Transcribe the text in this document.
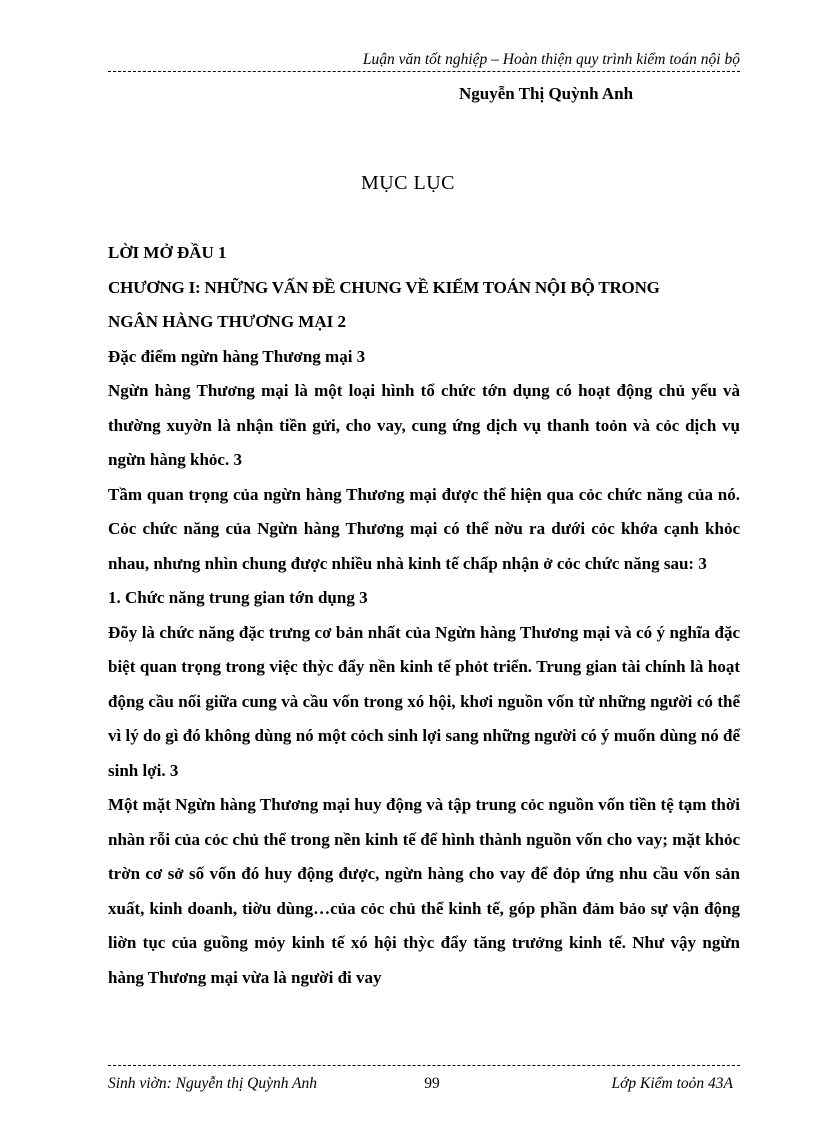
Luận văn tốt nghiệp – Hoàn thiện quy trình kiểm toán nội bộ
Nguyễn Thị Quỳnh Anh
MỤC LỤC

LỜI MỞ ĐẦU 1

CHƯƠNG I: NHỮNG VẤN ĐỀ CHUNG VỀ KIỂM TOÁN NỘI BỘ TRONG

NGÂN HÀNG THƯƠNG MẠI 2

Đặc điểm ngừn hàng Thương mại 3

Ngừn hàng Thương mại là một loại hình tổ chức tớn dụng có hoạt động chủ yếu và thường xuyờn là nhận tiền gửi, cho vay, cung ứng dịch vụ thanh toỏn và cỏc dịch vụ ngừn hàng khỏc. 3

Tầm quan trọng của ngừn hàng Thương mại được thể hiện qua cỏc chức năng của nó. Cỏc chức năng của Ngừn hàng Thương mại có thể nờu ra dưới cỏc khớa cạnh khỏc nhau, nhưng nhìn chung được nhiều nhà kinh tế chấp nhận ở cỏc chức năng sau: 3

1. Chức năng trung gian tớn dụng 3

Đõy là chức năng đặc trưng cơ bản nhất của Ngừn hàng Thương mại và có ý nghĩa đặc biệt quan trọng trong việc thỳc đẩy nền kinh tế phỏt triển. Trung gian tài chính là hoạt động cầu nối giữa cung và cầu vốn trong xó hội, khơi nguồn vốn từ những người có thể vì lý do gì đó không dùng nó một cỏch sinh lợi sang những người có ý muốn dùng nó để sinh lợi. 3

Một mặt Ngừn hàng Thương mại huy động và tập trung cỏc nguồn vốn tiền tệ tạm thời nhàn rỗi của cỏc chủ thể trong nền kinh tế để hình thành nguồn vốn cho vay; mặt khỏc trờn cơ sở số vốn đó huy động được, ngừn hàng cho vay để đỏp ứng nhu cầu vốn sản xuất, kinh doanh, tiờu dùng…của cỏc chủ thể kinh tế, góp phần đảm bảo sự vận động liờn tục của guồng mỏy kinh tế xó hội thỳc đẩy tăng trưởng kinh tế. Như vậy ngừn hàng Thương mại vừa là người đi vay

Sinh viờn: Nguyễn thị Quỳnh Anh	99	Lớp Kiểm toỏn 43A
